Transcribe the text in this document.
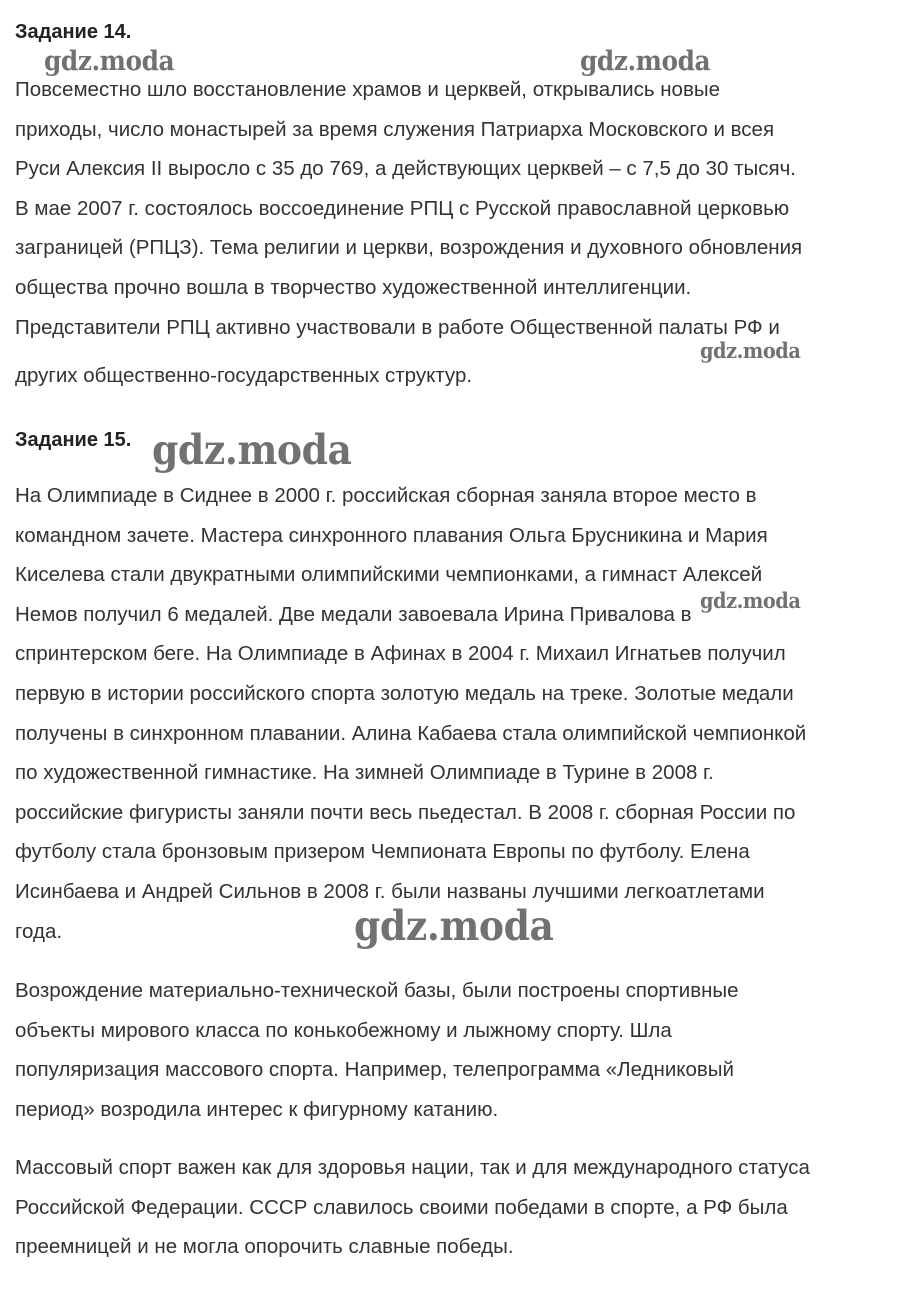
Задание 14.
Повсеместно шло восстановление храмов и церквей, открывались новые
приходы, число монастырей за время служения Патриарха Московского и всея
Руси Алексия II выросло с 35 до 769, а действующих церквей – с 7,5 до 30 тысяч.
В мае 2007 г. состоялось воссоединение РПЦ с Русской православной церковью
заграницей (РПЦЗ). Тема религии и церкви, возрождения и духовного обновления
общества прочно вошла в творчество художественной интеллигенции.
Представители РПЦ активно участвовали в работе Общественной палаты РФ и
других общественно-государственных структур.
Задание 15.
На Олимпиаде в Сиднее в 2000 г. российская сборная заняла второе место в
командном зачете. Мастера синхронного плавания Ольга Брусникина и Мария
Киселева стали двукратными олимпийскими чемпионками, а гимнаст Алексей
Немов получил 6 медалей. Две медали завоевала Ирина Привалова в
спринтерском беге. На Олимпиаде в Афинах в 2004 г. Михаил Игнатьев получил
первую в истории российского спорта золотую медаль на треке. Золотые медали
получены в синхронном плавании. Алина Кабаева стала олимпийской чемпионкой
по художественной гимнастике. На зимней Олимпиаде в Турине в 2008 г.
российские фигуристы заняли почти весь пьедестал. В 2008 г. сборная России по
футболу стала бронзовым призером Чемпионата Европы по футболу. Елена
Исинбаева и Андрей Сильнов в 2008 г. были названы лучшими легкоатлетами
года.
Возрождение материально-технической базы, были построены спортивные
объекты мирового класса по конькобежному и лыжному спорту. Шла
популяризация массового спорта. Например, телепрограмма «Ледниковый
период» возродила интерес к фигурному катанию.
Массовый спорт важен как для здоровья нации, так и для международного статуса
Российской Федерации. СССР славилось своими победами в спорте, а РФ была
преемницей и не могла опорочить славные победы.
gdz.moda	gdz.moda
gdz.moda
gdz.moda
gdz.moda
gdz.moda
